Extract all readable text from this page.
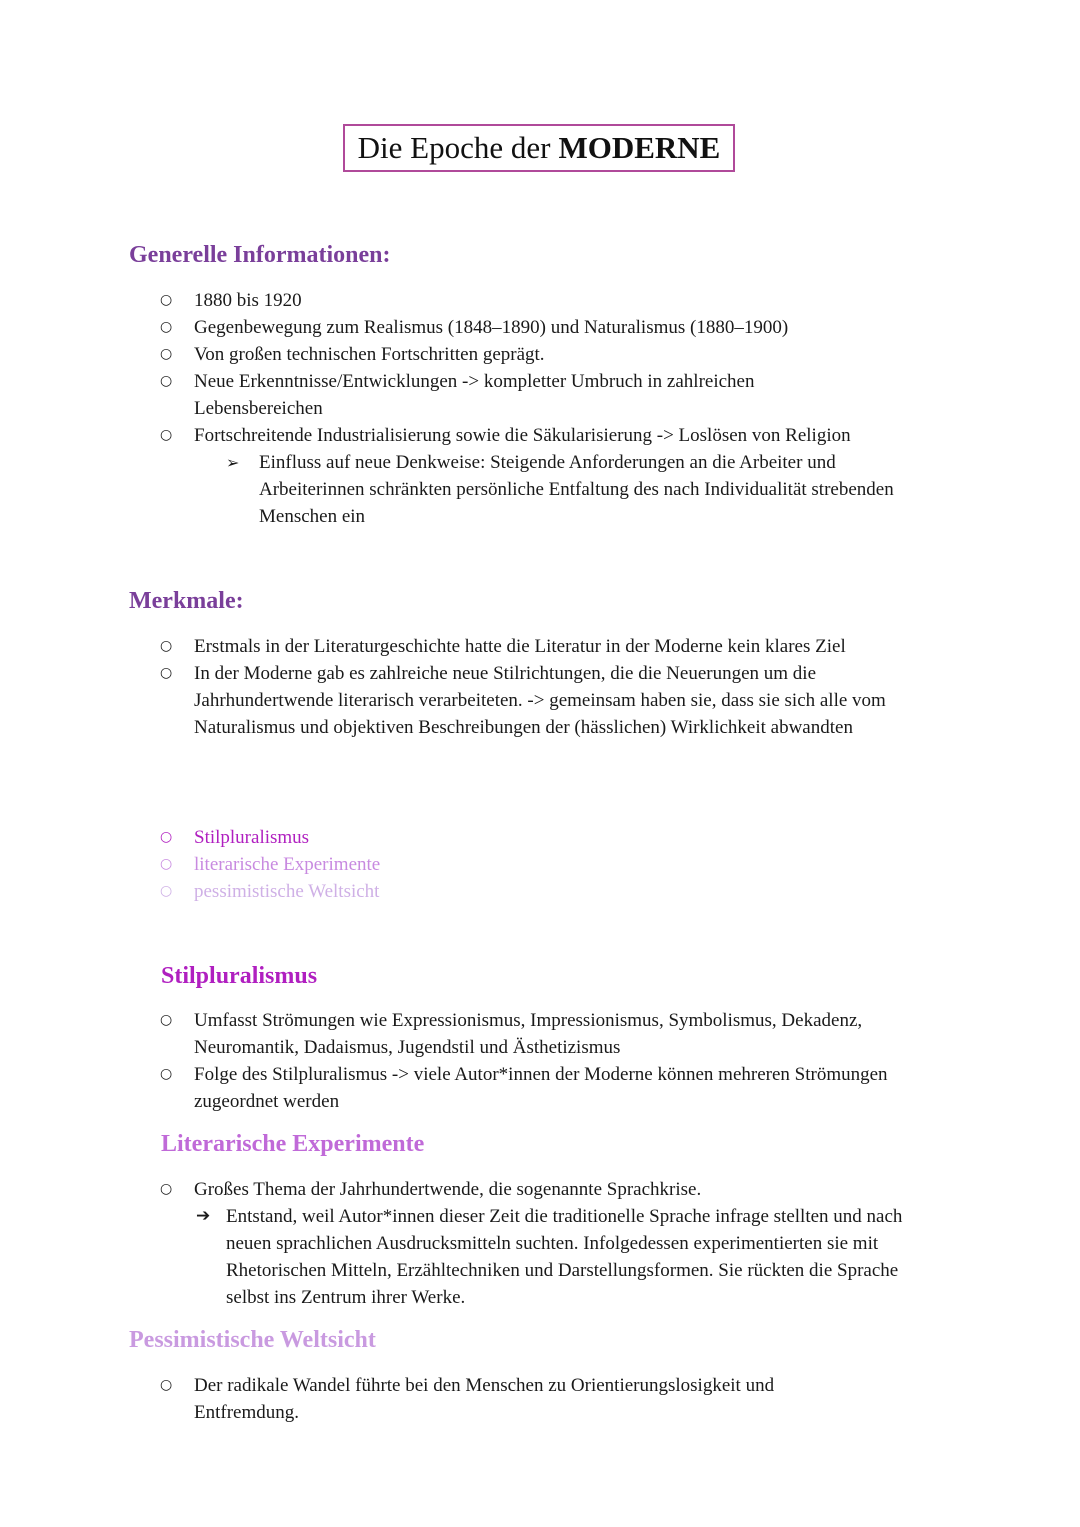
Die Epoche der MODERNE
Generelle Informationen:
○ 1880 bis 1920
○ Gegenbewegung zum Realismus (1848–1890) und Naturalismus (1880–1900)
○ Von großen technischen Fortschritten geprägt.
○ Neue Erkenntnisse/Entwicklungen -> kompletter Umbruch in zahlreichen Lebensbereichen
○ Fortschreitende Industrialisierung sowie die Säkularisierung -> Loslösen von Religion
➢ Einfluss auf neue Denkweise: Steigende Anforderungen an die Arbeiter und Arbeiterinnen schränkten persönliche Entfaltung des nach Individualität strebenden Menschen ein
Merkmale:
○ Erstmals in der Literaturgeschichte hatte die Literatur in der Moderne kein klares Ziel
○ In der Moderne gab es zahlreiche neue Stilrichtungen, die die Neuerungen um die Jahrhundertwende literarisch verarbeiteten. -> gemeinsam haben sie, dass sie sich alle vom Naturalismus und objektiven Beschreibungen der (hässlichen) Wirklichkeit abwandten
○ Stilpluralismus
○ literarische Experimente
○ pessimistische Weltsicht
Stilpluralismus
○ Umfasst Strömungen wie Expressionismus, Impressionismus, Symbolismus, Dekadenz, Neuromantik, Dadaismus, Jugendstil und Ästhetizismus
○ Folge des Stilpluralismus -> viele Autor*innen der Moderne können mehreren Strömungen zugeordnet werden
Literarische Experimente
○ Großes Thema der Jahrhundertwende, die sogenannte Sprachkrise.
➔ Entstand, weil Autor*innen dieser Zeit die traditionelle Sprache infrage stellten und nach neuen sprachlichen Ausdrucksmitteln suchten. Infolgedessen experimentierten sie mit Rhetorischen Mitteln, Erzähltechniken und Darstellungsformen. Sie rückten die Sprache selbst ins Zentrum ihrer Werke.
Pessimistische Weltsicht
○ Der radikale Wandel führte bei den Menschen zu Orientierungslosigkeit und Entfremdung.
